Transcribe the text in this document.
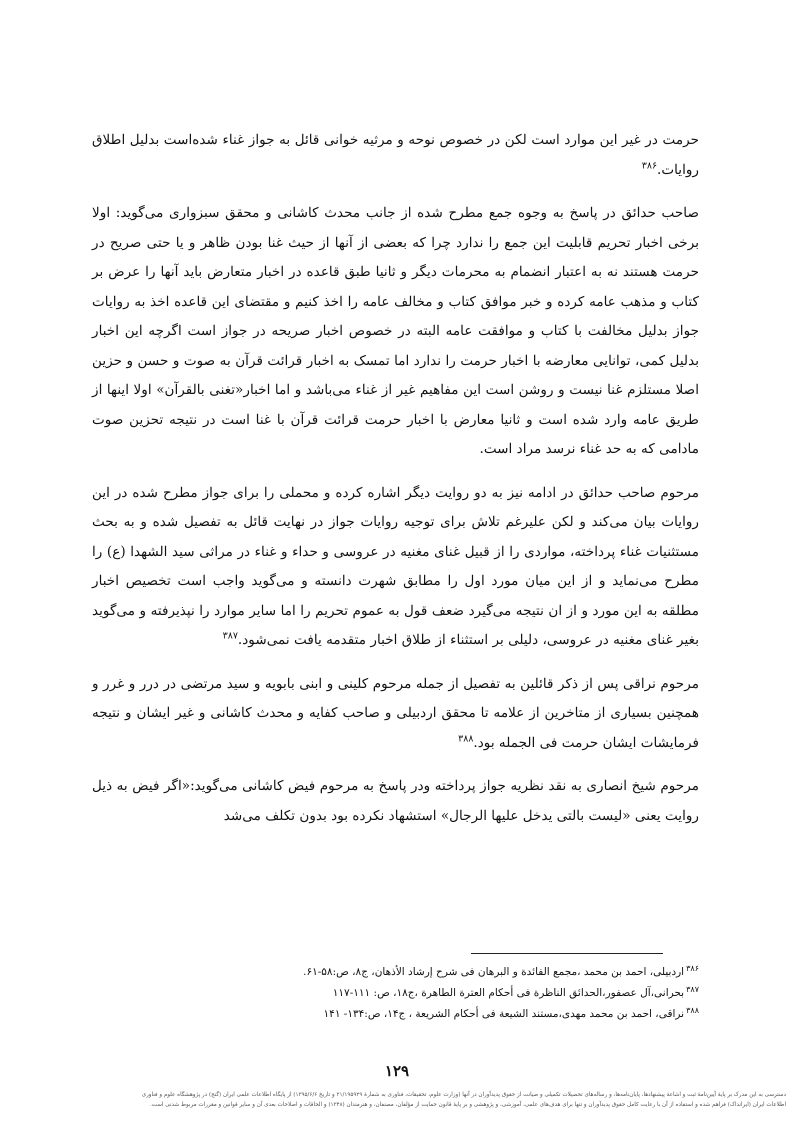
حرمت در غیر این موارد است لکن در خصوص نوحه و مرثیه خوانی قائل به جواز غناء شده‌است بدلیل اطلاق روایات.$^{۳۸۶}$

صاحب حدائق در پاسخ به وجوه جمع مطرح شده از جانب محدث کاشانی و محقق سبزواری می‌گوید: اولا برخی اخبار تحریم قابلیت این جمع را ندارد چرا که بعضی از آنها از حیث غنا بودن ظاهر و یا حتی صریح در حرمت هستند نه به اعتبار انضمام به محرمات دیگر و ثانیا طبق قاعده در اخبار متعارض باید آنها را عرض بر کتاب و مذهب عامه کرده و خبر موافق کتاب و مخالف عامه را اخذ کنیم و مقتضای این قاعده اخذ به روایات جواز بدلیل مخالفت با کتاب و موافقت عامه البته در خصوص اخبار صریحه در جواز است اگرچه این اخبار بدلیل کمی، توانایی معارضه با اخبار حرمت را ندارد اما تمسک به اخبار قرائت قرآن به صوت و حسن و حزین اصلا مستلزم غنا نیست و روشن است این مفاهیم غیر از غناء می‌باشد و اما اخبار«تغنی بالقرآن» اولا اینها از طریق عامه وارد شده است و ثانیا معارض با اخبار حرمت قرائت قرآن با غنا است در نتیجه تحزین صوت مادامی که به حد غناء نرسد مراد است.

مرحوم صاحب حدائق در ادامه نیز به دو روایت دیگر اشاره کرده و محملی را برای جواز مطرح شده در این روایات بیان می‌کند و لکن علیرغم تلاش برای توجیه روایات جواز در نهایت قائل به تفصیل شده و به بحث مستثنیات غناء پرداخته، مواردی را از قبیل غنای مغنیه در عروسی و حداء و غناء در مراثی سید الشهدا (ع) را مطرح می‌نماید و از این میان مورد اول را مطابق شهرت دانسته و می‌گوید واجب است تخصیص اخبار مطلقه به این مورد و از ان نتیجه می‌گیرد ضعف قول به عموم تحریم را اما سایر موارد را نپذیرفته و می‌گوید بغیر غنای مغنیه در عروسی، دلیلی بر استثناء از طلاق اخبار متقدمه یافت نمی‌شود.$^{۳۸۷}$

مرحوم نراقی پس از ذکر قائلین به تفصیل از جمله مرحوم کلینی و ابنی بابویه و سید مرتضی در درر و غرر و همچنین بسیاری از متاخرین از علامه تا محقق اردبیلی و صاحب کفایه و محدث کاشانی و غیر ایشان و نتیجه فرمایشات ایشان حرمت فی الجمله بود.$^{۳۸۸}$

مرحوم شیخ انصاری به نقد نظریه جواز پرداخته ودر پاسخ به مرحوم فیض کاشانی می‌گوید:«اگر فیض به ذیل روایت یعنی «لیست بالتی یدخل علیها الرجال» استشهاد نکرده بود بدون تکلف می‌شد

$^{۳۸۶}$اردبیلی، احمد بن محمد ،مجمع الفائدة و البرهان فی شرح إرشاد الأذهان، ج۸، ص:۵۸-۶۱.
$^{۳۸۷}$بحرانی،آل عصفور،الحدائق الناظرة فی أحکام العترة الطاهرة ،ج۱۸، ص: ۱۱۱-۱۱۷
$^{۳۸۸}$نراقی، احمد بن محمد مهدی،مستند الشیعة فی أحکام الشریعة ، ج۱۴، ص:۱۳۴- ۱۴۱
۱۲۹
دسترسی به این مدرک بر پایهٔ آیین‌نامهٔ ثبت و اشاعهٔ پیشنهادها، پایان‌نامه‌ها، و رساله‌های تحصیلات تکمیلی و صیانت از حقوق پدیدآوران در آنها (وزارت علوم، تحقیقات، فناوری به شمارهٔ ۲۱/۱۹۵۹۲۹ و تاریخ ۱۳۹۵/۶/۶) از پایگاه اطلاعات علمی ایران (گنج) در پژوهشگاه علوم و فناوری
اطلاعات ایران (ایرانداک) فراهم شده و استفاده از آن با رعایت کامل حقوق پدیدآوران و تنها برای هدف‌های علمی، آموزشی، و پژوهشی و بر پایهٔ قانون حمایت از مؤلفان، مصنفان، و هنرمندان (۱۳۴۸) و الحاقات و اصلاحات بعدی آن و سایر قوانین و مقررات مربوط شدنی است.
